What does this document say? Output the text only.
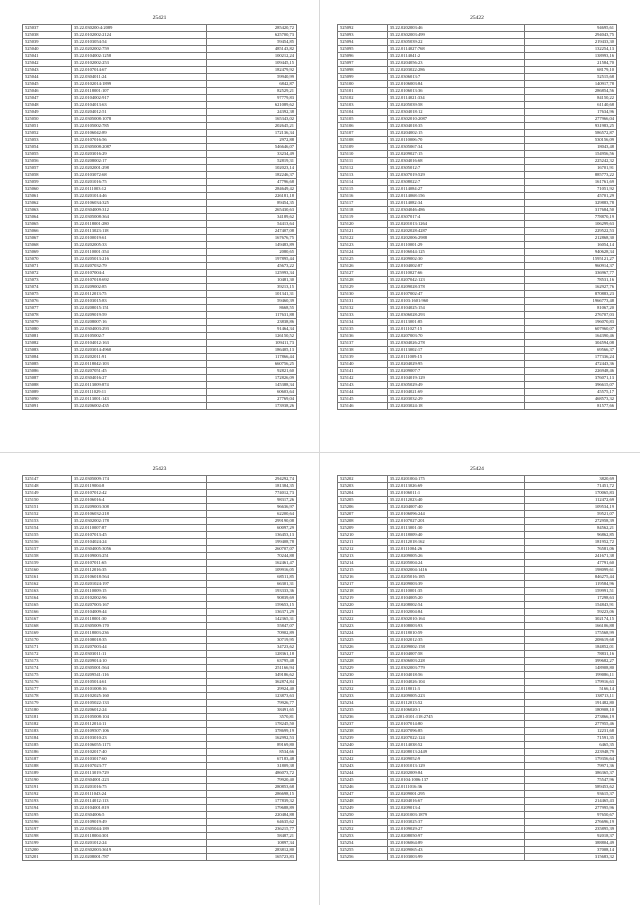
25421
525037	35.22.030200:4:2089	285420,72
525038	35.22.0102002:2124	625700,73
525039	35.22.0103054:54	59454,85
525040	35.22.0202002:759	485143,82
525041	35.22.0104002:1258	100212,24
525042	35.22.0102002:253	109445,15
525043	35.22.0107014:67	182479,92
525044	35.22.0304011:24	59940,99
525045	35.22.0102014:1899	6842,87
525046	35.22.0118001:107	82529,21
525047	35.22.0104002:917	97779,83
525048	35.22.0104013:63	621089,62
525049	35.22.0204012:51	24392,38
525050	35.22.0305008:1078	165343,02
525051	35.22.0105002:785	202645,21
525052	35.22.0106042:89	172136,34
525053	35.22.0107016:56	2972,88
525054	35.22.0305008:2087	546646,07
525055	35.22.0203016:29	33234,49
525056	35.22.0208002:17	52819,31
525057	35.22.0202001:298	102023,14
525058	35.22.0103072:68	182246,37
525059	35.22.0201016:75	47796,68
525060	35.22.0111003:12	284649,42
525061	35.22.0201014:46	226181,18
525062	35.22.0106034:325	89454,35
525063	35.22.0304009:312	265430,63
525064	35.22.0305008:364	34189,62
525065	35.22.0118001:280	54413,64
525066	35.22.0113023:118	247407,08
525067	35.22.0100019:61	167676,75
525068	35.22.0202005:33	149483,89
525069	35.22.0110001:354	2080,65
525070	35.22.0205013:216	197895,44
525071	35.22.0207032:79	45673,22
525072	35.22.0107004:4	125993,34
525073	35.22.0107018:692	10481,30
525074	35.22.0209002:85	39213,15
525075	35.22.0112013:75	101341,31
525076	35.22.0103015:83	59460,39
525077	35.22.0208015:151	8668,55
525078	35.22.0209019:59	117631,88
525079	35.22.0208007:16	23838,86
525080	35.22.0304003:293	91464,34
525081	35.22.0105002:7	126150,52
525082	35.22.0104012:163	109411,73
525083	35.22.0203014:4960	186405,13
525084	35.22.0202011:91	117866,44
525085	35.22.0118042:103	660756,25
525086	35.22.0207051:45	92821,60
525087	35.22.0304016:27	172826,09
525088	35.22.0113009:874	145388,34
525089	35.22.0111029:11	60603,64
525090	35.22.0113001:143	27769,04
525091	35.22.0206002:435	173938,26
25422
525092	35.22.0202003:46	94695,61
525093	35.22.0302003:499	294043,75
525094	35.22.0305039:22	219433,30
525095	35.22.0114027:768	132254,13
525096	35.22.0114041:2	138993,16
525097	35.22.0204056:23	21584,70
525098	35.22.0203022:286	68179,10
525099	35.22.0306013:7	52515,68
525100	35.22.0106003:84	140917,78
525101	35.22.0106013:36	286854,56
525102	35.22.0114021:334	84150,22
525103	35.22.0205039:58	61140,68
525104	35.22.0304018:12	17634,96
525105	35.22.0302010:2087	277966,04
525106	35.22.0304018:35	931983,25
525107	35.22.0204002:15	586572,87
525108	35.22.0110006:70	530156,09
525109	35.22.0305067:34	18043,48
525110	35.22.0209027:15	154956,56
525111	35.22.0304016:68	225242,32
525112	35.22.0305012:7	16701,91
525113	35.22.0307019:529	885773,22
525114	35.22.0308022:7	161761,69
525115	35.22.0114084:27	71051,92
525116	35.22.0114068:156	45701,29
525117	35.22.0114082:34	329883,78
525118	35.22.0304046:486	317684,50
525119	35.22.0307017:4	778870,19
525120	35.22.0201013:1264	106299,63
525121	35.22.0202028:4287	229522,53
525122	35.22.0202006:2988	212868,30
525123	35.22.0110001:29	16054,14
525124	35.22.0106044:125	940628,34
525125	35.22.0209002:30	1595121,27
525126	35.22.0104002:87	960914,37
525127	35.22.0110027:66	336967,77
525128	35.22.0207042:123	78531,16
525129	35.22.0209028:378	162927,76
525130	35.22.0107002:47	870883,23
525131	35.22.0103:1601:960	1966773,48
525132	35.22.0104025:154	81067,20
525133	35.22.0306028:293	276707,03
525134	35.22.0113001:85	196070,83
525135	35.22.0111027:15	607960,07
525136	35.22.0207003:70	164390,46
525137	35.22.0304026:278	304594,08
525138	35.22.0113002:17	69566,37
525139	35.22.0111009:15	177336,24
525140	35.22.0204029:95	472443,36
525141	35.22.0209007:7	226948,46
525142	35.22.0104019:129	376071,13
525143	35.22.0305029:49	396615,07
525144	35.22.0104021:69	45575,17
525145	35.22.0203032:29	468573,32
525146	35.22.0203024:18	81577,66
25423
525147	35.22.0305009:174	294292,74
525148	35.22.0119004:8	181384,35
525149	35.22.0107012:42	774012,73
525150	35.22.0106016:4	98317,26
525151	35.22.0209003:308	96636,97
525152	35.22.0106032:218	62200,64
525153	35.22.0302002:178	299190,08
525154	35.22.0110007:87	60097,29
525155	35.22.0107013:45	136453,13
525156	35.22.0104024:24	199408,78
525157	35.22.0304005:3056	260707,07
525158	35.22.0109003:251	70244,88
525159	35.22.0107011:65	162461,47
525160	35.22.0112016:35	109916,05
525161	35.22.0106018:564	68511,85
525162	35.22.0201024:197	66301,31
525163	35.22.0110009:15	193333,36
525164	35.22.0102002:96	90839,69
525165	35.22.0207003:167	159653,15
525166	35.22.0104009:44	136371,29
525167	35.22.0118001:30	142365,31
525168	35.22.0305009:170	55847,07
525169	35.22.0118003:236	70902,89
525170	35.22.0108018:35	30719,95
525171	35.22.0207003:44	34723,62
525172	35.22.0303011:11	128361,18
525173	35.22.0209014:10	63795,48
525174	35.22.0305001:564	251166,94
525175	35.22.0209541:116	349186,62
525176	35.22.0105014:61	362874,84
525177	35.22.0101008:16	29924,40
525178	35.22.0102025:160	123873,63
525179	35.22.0105022:133	79926,77
525180	35.22.0206012:24	38491,65
525181	35.22.0105008:104	3570,81
525182	35.22.0112014:11	178245,50
525183	35.22.0109507:106	378699,19
525184	35.22.0103010:23	162992,53
525185	35.22.0106055:1171	89169,80
525186	35.22.0102017:40	8534,66
525187	35.22.0103017:60	67183,48
525188	35.22.0107023:77	31809,38
525189	35.22.0113019:729	486073,72
525190	35.22.0304001:223	79920,40
525191	35.22.0201016:75	280853,68
525192	35.22.0111043:24	286698,15
525193	35.22.0114012:113	177839,32
525194	35.22.0104001:819	179688,89
525195	35.22.0304006:5	220484,88
525196	35.22.0109019:49	64635,62
525197	35.22.0305044:189	236215,77
525198	35.22.0118004:301	58487,21
525199	35.22.0201012:24	10897,34
525200	35.22.0302003:3619	283812,80
525201	35.22.0208001:787	165723,83
25424
525202	35.22.0201004:175	3820,69
525203	35.22.0113026:69	71451,72
525204	35.22.0106011:1	170065,83
525205	35.22.0112023:40	112472,69
525206	35.22.0204007:40	109534,19
525207	35.22.0106096:244	59521,07
525208	35.22.0107027:201	272958,39
525209	35.22.0113001:30	84562,21
525210	35.22.0118009:40	96862,85
525211	35.22.0112018:162	181952,72
525212	35.22.0111004:26	76581,06
525213	35.22.0209005:26	241671,38
525214	35.22.0205004:24	47791,60
525215	35.22.0302004:1416	198099,61
525216	35.22.0205016:185	846275,44
525217	35.22.0209003:39	119584,96
525218	35.22.0110001:35	159991,51
525219	35.22.0104005:20	17298,63
525220	35.22.0208002:54	154843,91
525221	35.22.0102004:84	59223,06
525222	35.22.0302010:164	302174,15
525223	35.22.0108003:93	166106,88
525224	35.22.0118010:59	175568,99
525225	35.22.0102012:35	208619,68
525226	35.22.0209002:158	184852,01
525227	35.22.0104007:58	78831,16
525228	35.22.0306003:228	399682,27
525229	35.22.0302003:779	148908,80
525230	35.22.0104018:56	199086,11
525231	35.22.0104026:104	179916,63
525232	35.22.0118011:3	5166,14
525233	35.22.0209005:223	138713,11
525234	35.22.0112013:52	191482,80
525235	35.22.0106020:1	180908,10
525236	35.2201:0101:118:2745	273866,19
525237	35.22.0107014:80	277955,46
525238	35.22.0207096:85	12231,68
525239	35.22.0207022:124	71591,35
525240	35.22.0114038:52	6465,35
525241	35.22.0208013:2449	223948,79
525242	35.22.0209052:9	179356,64
525243	35.22.0101013:129	79971,36
525244	35.22.0202009:84	386365,37
525245	35.22.0104:1006:137	75547,96
525246	35.22.0111016:36	589453,62
525247	35.22.0209001:295	93615,37
525248	35.22.0204016:67	214465,43
525249	35.22.0209013:4	277995,96
525250	35.22.0201003:1879	97650,67
525251	35.22.0103025:37	276696,19
525252	35.22.0109029:27	235895,39
525253	35.22.0208050:97	92018,37
525254	35.22.0106064:89	388804,49
525255	35.22.0209065:43	37008,14
525256	35.22.0103003:99	315683,32
